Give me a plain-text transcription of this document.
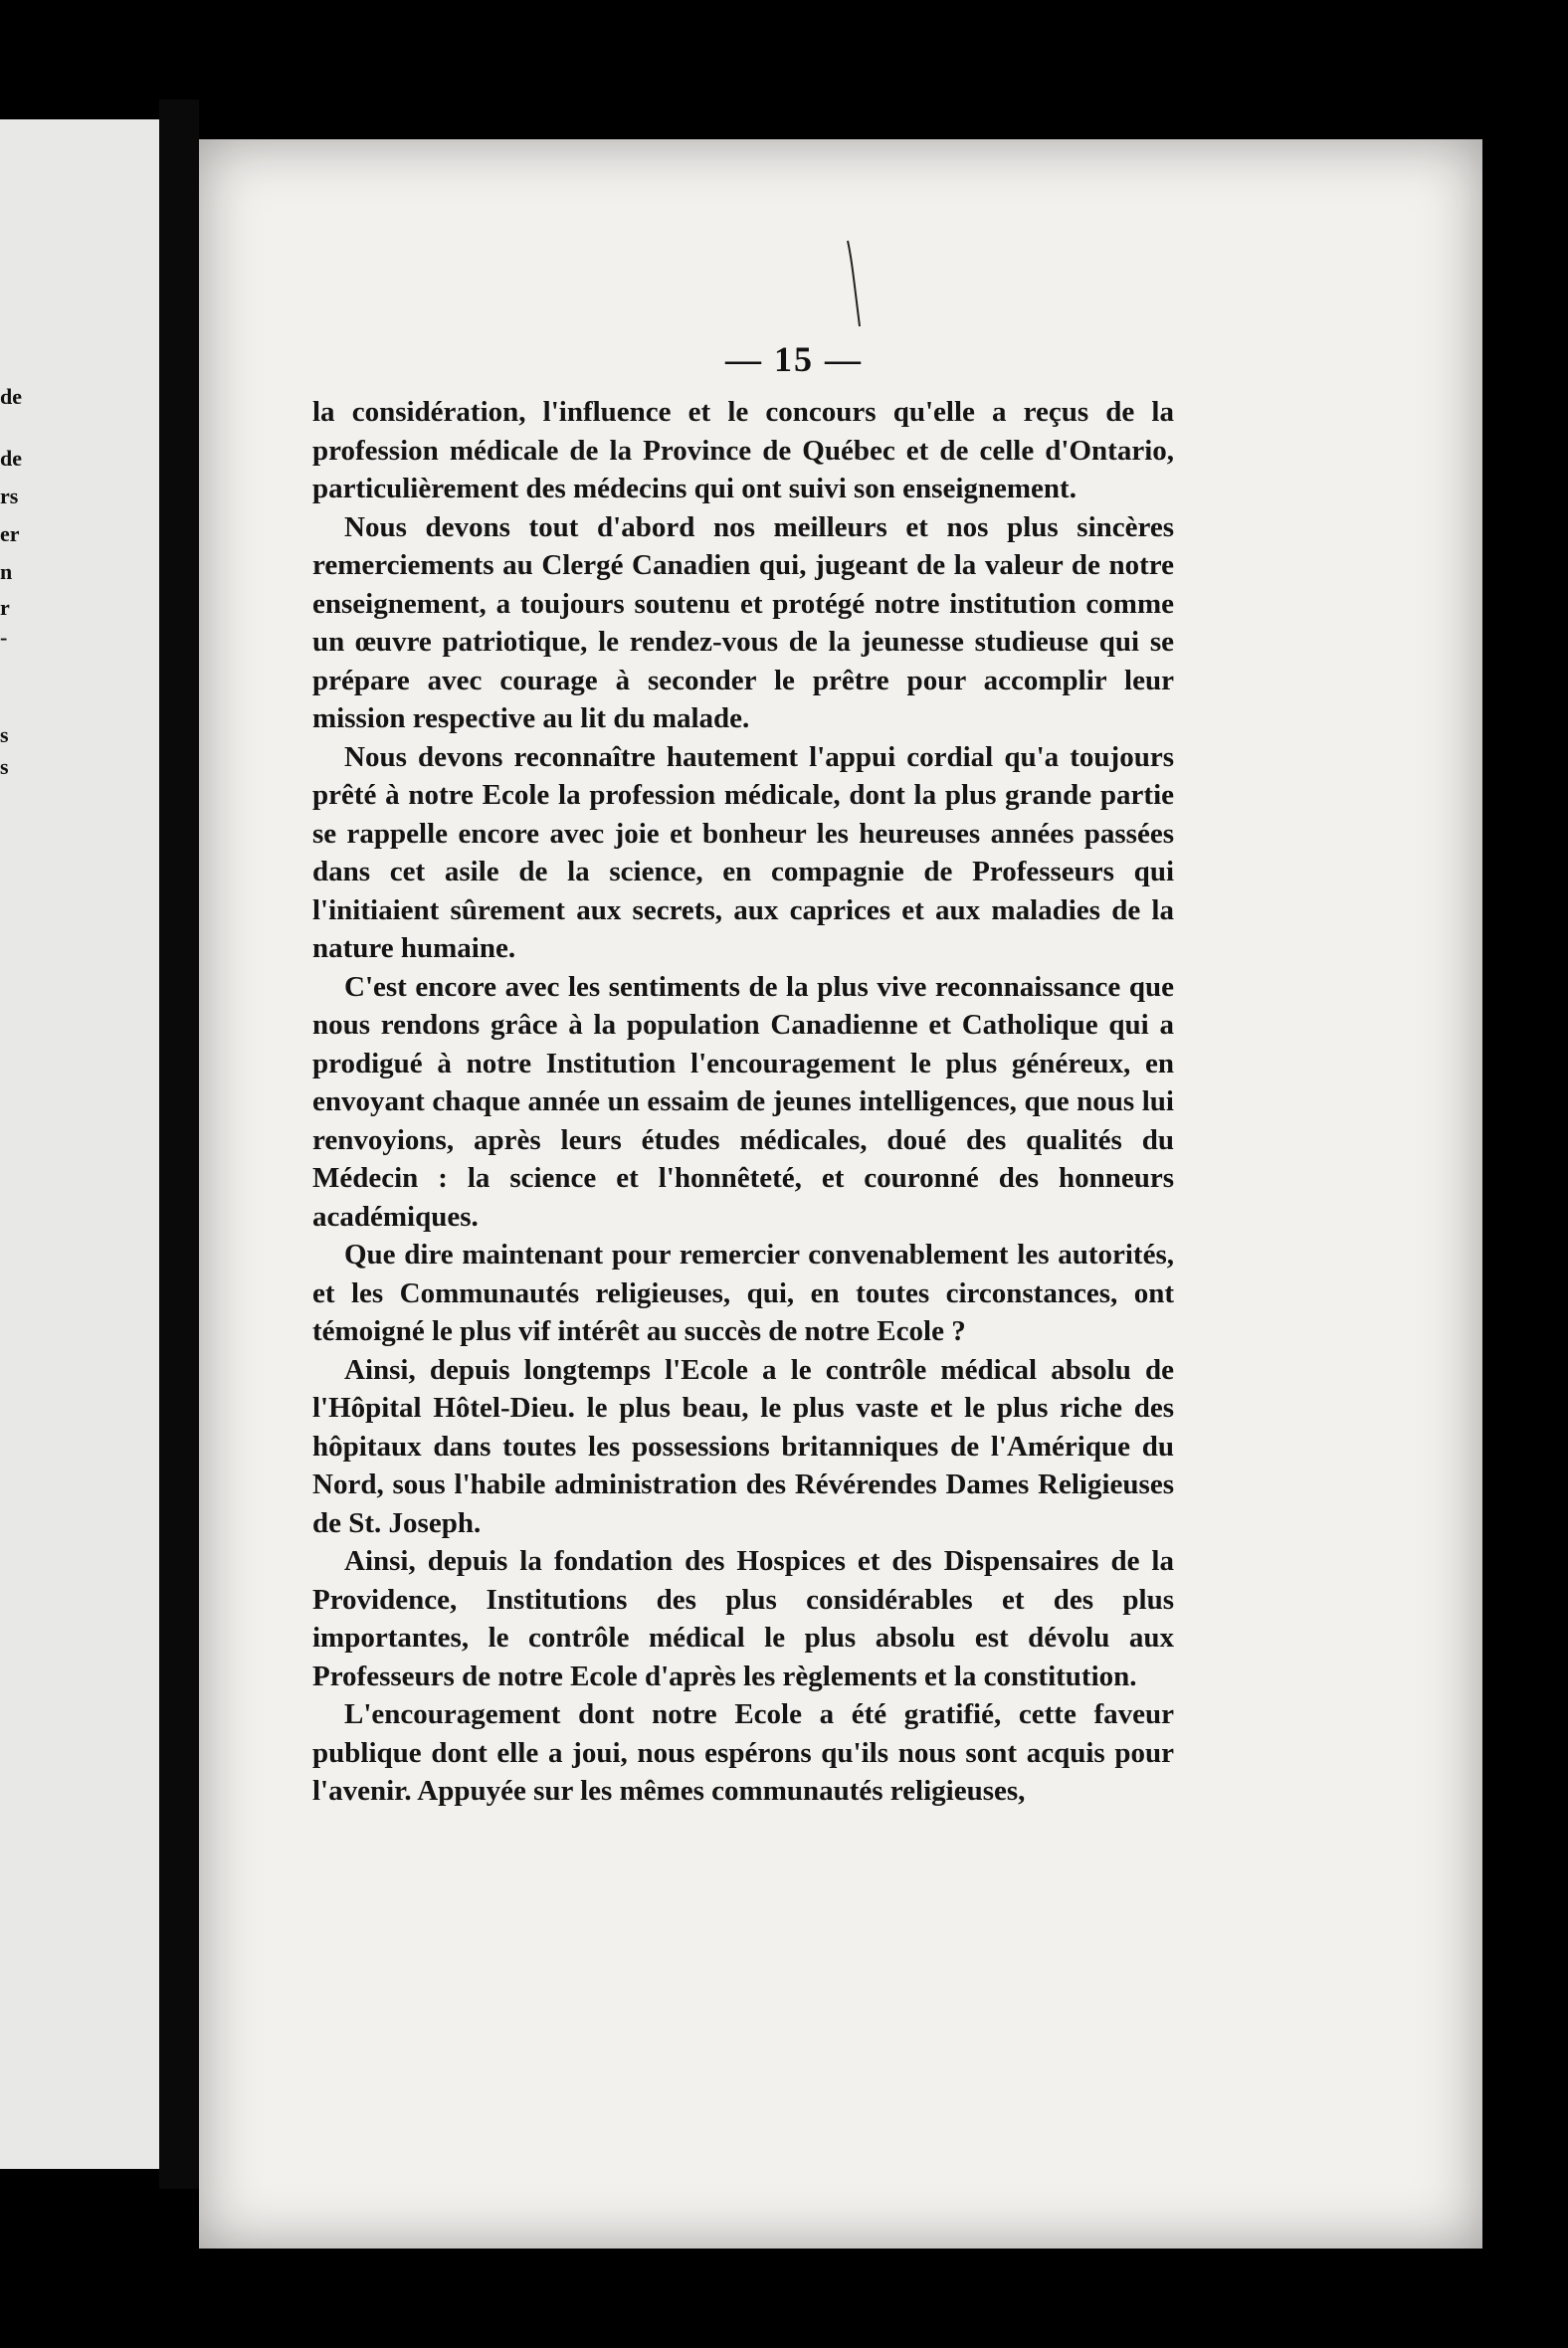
de
de
rs
er
n
r
-
s
s
— 15 —

la considération, l'influence et le concours qu'elle a reçus de la profession médicale de la Province de Québec et de celle d'Ontario, particulièrement des médecins qui ont suivi son enseignement.

Nous devons tout d'abord nos meilleurs et nos plus sincères remerciements au Clergé Canadien qui, jugeant de la valeur de notre enseignement, a toujours soutenu et protégé notre institution comme un œuvre patriotique, le rendez-vous de la jeunesse studieuse qui se prépare avec courage à seconder le prêtre pour accomplir leur mission respective au lit du malade.

Nous devons reconnaître hautement l'appui cordial qu'a toujours prêté à notre Ecole la profession médicale, dont la plus grande partie se rappelle encore avec joie et bonheur les heureuses années passées dans cet asile de la science, en compagnie de Professeurs qui l'initiaient sûrement aux secrets, aux caprices et aux maladies de la nature humaine.

C'est encore avec les sentiments de la plus vive reconnaissance que nous rendons grâce à la population Canadienne et Catholique qui a prodigué à notre Institution l'encouragement le plus généreux, en envoyant chaque année un essaim de jeunes intelligences, que nous lui renvoyions, après leurs études médicales, doué des qualités du Médecin : la science et l'honnêteté, et couronné des honneurs académiques.

Que dire maintenant pour remercier convenablement les autorités, et les Communautés religieuses, qui, en toutes circonstances, ont témoigné le plus vif intérêt au succès de notre Ecole ?

Ainsi, depuis longtemps l'Ecole a le contrôle médical absolu de l'Hôpital Hôtel-Dieu. le plus beau, le plus vaste et le plus riche des hôpitaux dans toutes les possessions britanniques de l'Amérique du Nord, sous l'habile administration des Révérendes Dames Religieuses de St. Joseph.

Ainsi, depuis la fondation des Hospices et des Dispensaires de la Providence, Institutions des plus considérables et des plus importantes, le contrôle médical le plus absolu est dévolu aux Professeurs de notre Ecole d'après les règlements et la constitution.

L'encouragement dont notre Ecole a été gratifié, cette faveur publique dont elle a joui, nous espérons qu'ils nous sont acquis pour l'avenir. Appuyée sur les mêmes communautés religieuses,
